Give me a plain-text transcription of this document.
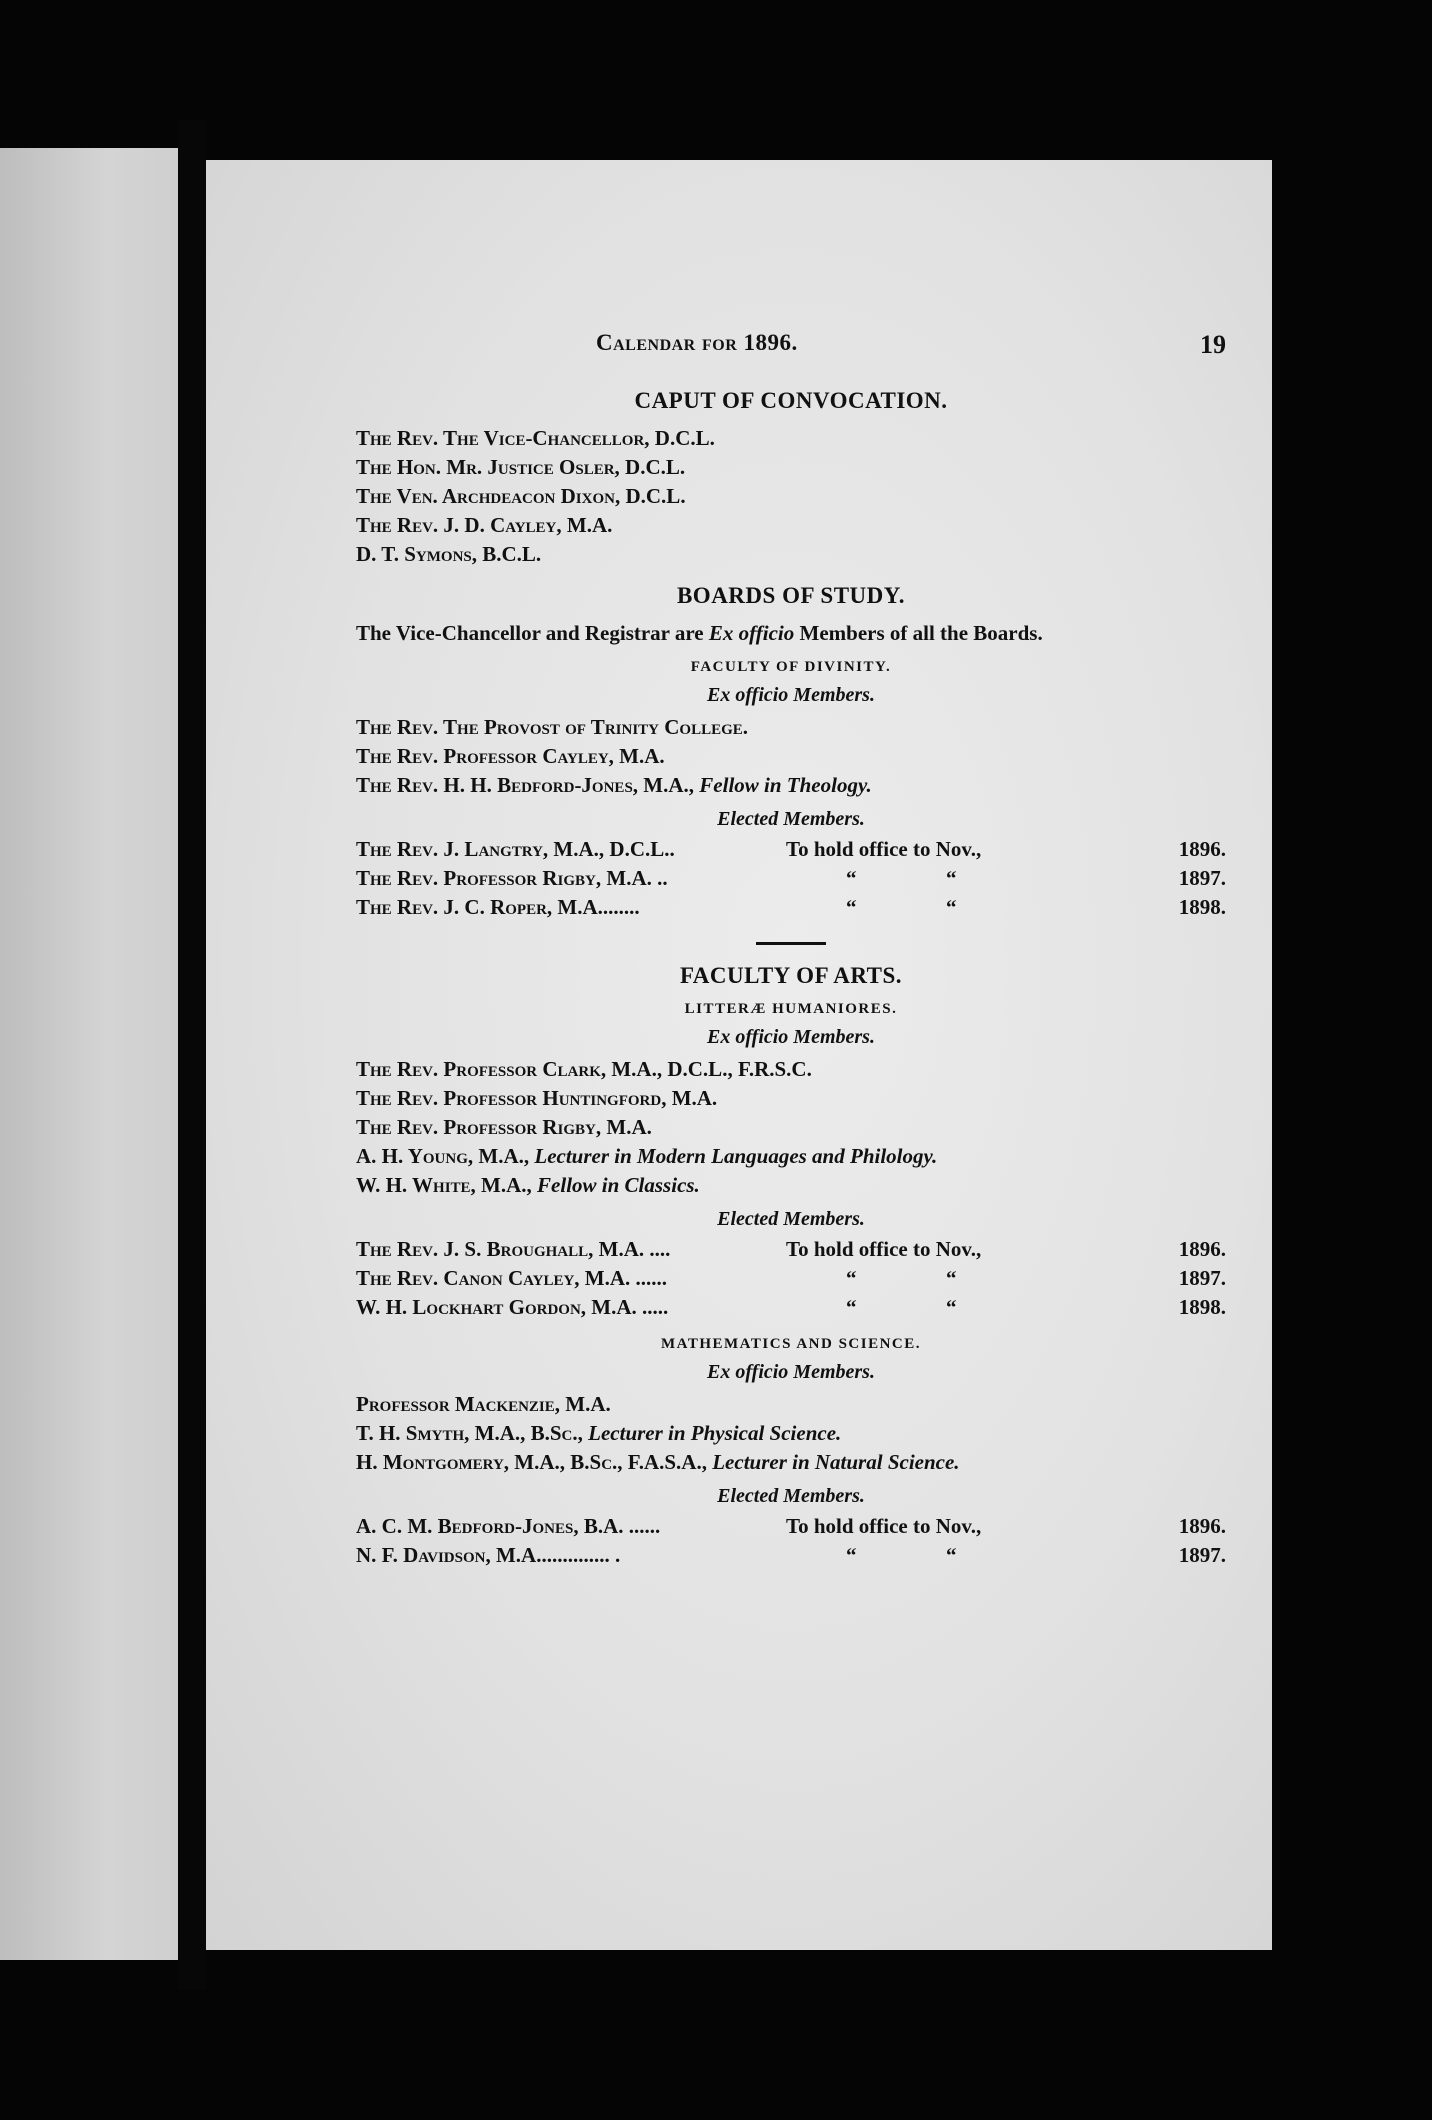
Calendar for 1896.	19
CAPUT OF CONVOCATION.
The Rev. The Vice-Chancellor, D.C.L.
The Hon. Mr. Justice Osler, D.C.L.
The Ven. Archdeacon Dixon, D.C.L.
The Rev. J. D. Cayley, M.A.
D. T. Symons, B.C.L.
BOARDS OF STUDY.
The Vice-Chancellor and Registrar are Ex officio Members of all the Boards.
FACULTY OF DIVINITY.
Ex officio Members.
The Rev. The Provost of Trinity College.
The Rev. Professor Cayley, M.A.
The Rev. H. H. Bedford-Jones, M.A., Fellow in Theology.
Elected Members.
The Rev. J. Langtry, M.A., D.C.L..	To hold office to Nov.,	1896.
The Rev. Professor Rigby, M.A. ..	“	“	1897.
The Rev. J. C. Roper, M.A........	“	“	1898.
FACULTY OF ARTS.
LITTERÆ HUMANIORES.
Ex officio Members.
The Rev. Professor Clark, M.A., D.C.L., F.R.S.C.
The Rev. Professor Huntingford, M.A.
The Rev. Professor Rigby, M.A.
A. H. Young, M.A., Lecturer in Modern Languages and Philology.
W. H. White, M.A., Fellow in Classics.
Elected Members.
The Rev. J. S. Broughall, M.A. ....	To hold office to Nov.,	1896.
The Rev. Canon Cayley, M.A. ......	“	“	1897.
W. H. Lockhart Gordon, M.A. .....	“	“	1898.
MATHEMATICS AND SCIENCE.
Ex officio Members.
Professor Mackenzie, M.A.
T. H. Smyth, M.A., B.Sc., Lecturer in Physical Science.
H. Montgomery, M.A., B.Sc., F.A.S.A., Lecturer in Natural Science.
Elected Members.
A. C. M. Bedford-Jones, B.A. ......	To hold office to Nov.,	1896.
N. F. Davidson, M.A.............. .	“	“	1897.
